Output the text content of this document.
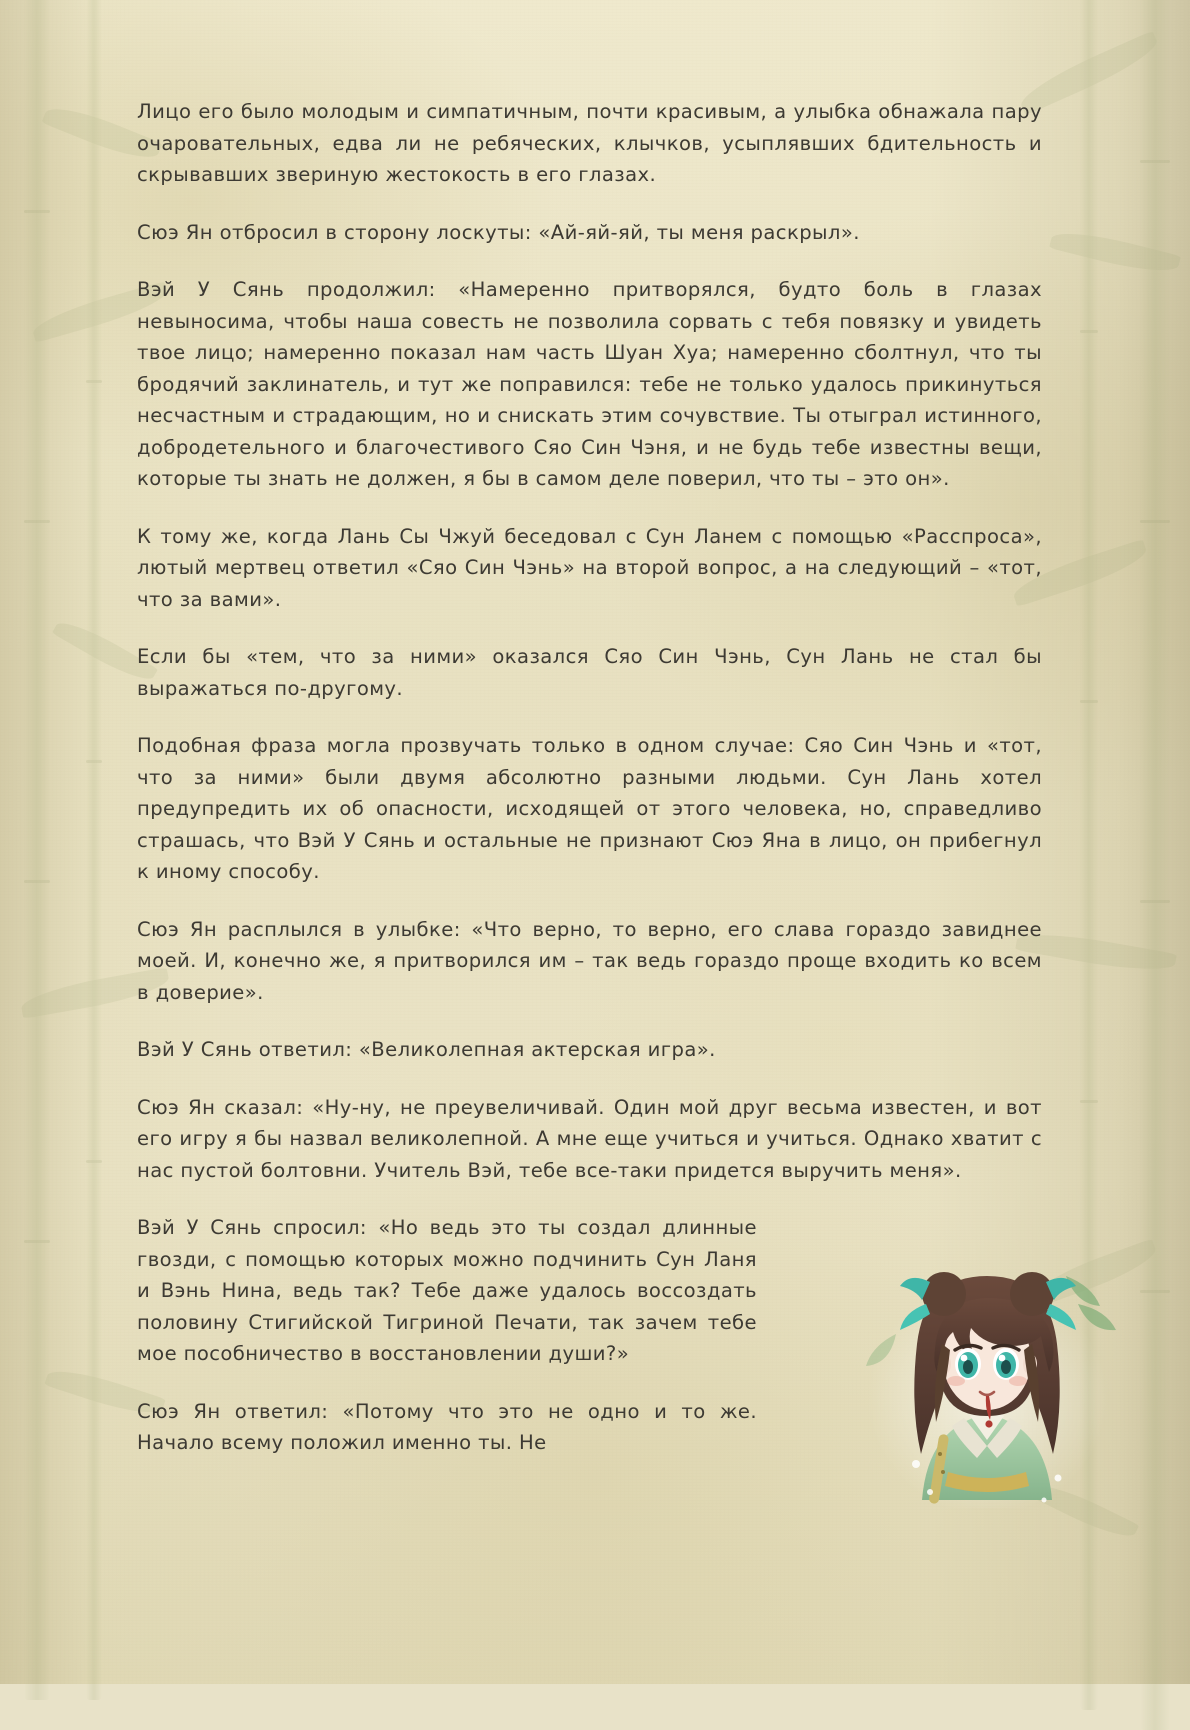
Лицо его было молодым и симпатичным, почти красивым, а улыбка обнажала пару очаровательных, едва ли не ребяческих, клычков, усыплявших бдительность и скрывавших звериную жестокость в его глазах.

Сюэ Ян отбросил в сторону лоскуты: «Ай-яй-яй, ты меня раскрыл».

Вэй У Сянь продолжил: «Намеренно притворялся, будто боль в глазах невыносима, чтобы наша совесть не позволила сорвать с тебя повязку и увидеть твое лицо; намеренно показал нам часть Шуан Хуа; намеренно сболтнул, что ты бродячий заклинатель, и тут же поправился: тебе не только удалось прикинуться несчастным и страдающим, но и снискать этим сочувствие. Ты отыграл истинного, добродетельного и благочестивого Сяо Син Чэня, и не будь тебе известны вещи, которые ты знать не должен, я бы в самом деле поверил, что ты – это он».

К тому же, когда Лань Сы Чжуй беседовал с Сун Ланем с помощью «Расспроса», лютый мертвец ответил «Сяо Син Чэнь» на второй вопрос, а на следующий – «тот, что за вами».

Если бы «тем, что за ними» оказался Сяо Син Чэнь, Сун Лань не стал бы выражаться по-другому.

Подобная фраза могла прозвучать только в одном случае: Сяо Син Чэнь и «тот, что за ними» были двумя абсолютно разными людьми. Сун Лань хотел предупредить их об опасности, исходящей от этого человека, но, справедливо страшась, что Вэй У Сянь и остальные не признают Сюэ Яна в лицо, он прибегнул к иному способу.

Сюэ Ян расплылся в улыбке: «Что верно, то верно, его слава гораздо завиднее моей. И, конечно же, я притворился им – так ведь гораздо проще входить ко всем в доверие».

Вэй У Сянь ответил: «Великолепная актерская игра».

Сюэ Ян сказал: «Ну-ну, не преувеличивай. Один мой друг весьма известен, и вот его игру я бы назвал великолепной. А мне еще учиться и учиться. Однако хватит с нас пустой болтовни. Учитель Вэй, тебе все-таки придется выручить меня».

Вэй У Сянь спросил: «Но ведь это ты создал длинные гвозди, с помощью которых можно подчинить Сун Ланя и Вэнь Нина, ведь так? Тебе даже удалось воссоздать половину Стигийской Тигриной Печати, так зачем тебе мое пособничество в восстановлении души?»

Сюэ Ян ответил: «Потому что это не одно и то же. Начало всему положил именно ты. Не
